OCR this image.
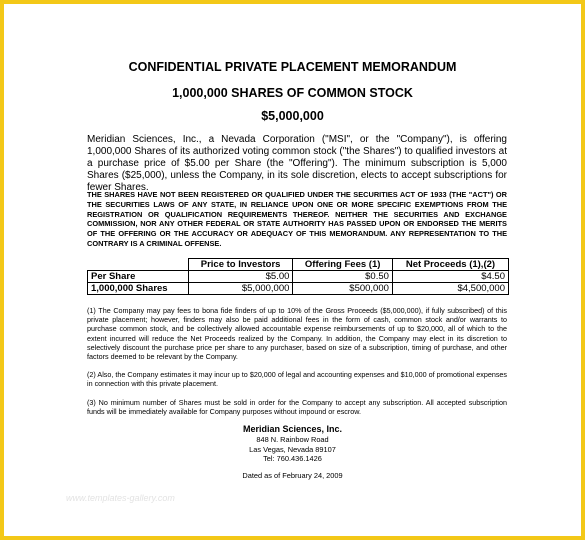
CONFIDENTIAL PRIVATE PLACEMENT MEMORANDUM
1,000,000 SHARES OF COMMON STOCK
$5,000,000
Meridian Sciences, Inc., a Nevada Corporation ("MSI", or the "Company"), is offering 1,000,000 Shares of its authorized voting common stock ("the Shares") to qualified investors at a purchase price of $5.00 per Share (the "Offering"). The minimum subscription is 5,000 Shares ($25,000), unless the Company, in its sole discretion, elects to accept subscriptions for fewer Shares.
THE SHARES HAVE NOT BEEN REGISTERED OR QUALIFIED UNDER THE SECURITIES ACT OF 1933 (THE "ACT") OR THE SECURITIES LAWS OF ANY STATE, IN RELIANCE UPON ONE OR MORE SPECIFIC EXEMPTIONS FROM THE REGISTRATION OR QUALIFICATION REQUIREMENTS THEREOF. NEITHER THE SECURITIES AND EXCHANGE COMMISSION, NOR ANY OTHER FEDERAL OR STATE AUTHORITY HAS PASSED UPON OR ENDORSED THE MERITS OF THE OFFERING OR THE ACCURACY OR ADEQUACY OF THIS MEMORANDUM. ANY REPRESENTATION TO THE CONTRARY IS A CRIMINAL OFFENSE.
	Price to Investors	Offering Fees (1)	Net Proceeds (1),(2)
Per Share	$5.00	$0.50	$4.50
1,000,000 Shares	$5,000,000	$500,000	$4,500,000
(1) The Company may pay fees to bona fide finders of up to 10% of the Gross Proceeds ($5,000,000), if fully subscribed) of this private placement; however, finders may also be paid additional fees in the form of cash, common stock and/or warrants to purchase common stock, and be collectively allowed accountable expense reimbursements of up to $20,000, all of which to the extent incurred will reduce the Net Proceeds realized by the Company. In addition, the Company may elect in its discretion to selectively discount the purchase price per share to any purchaser, based on size of a subscription, timing of purchase, and other factors deemed to be relevant by the Company.
(2) Also, the Company estimates it may incur up to $20,000 of legal and accounting expenses and $10,000 of promotional expenses in connection with this private placement.
(3) No minimum number of Shares must be sold in order for the Company to accept any subscription. All accepted subscription funds will be immediately available for Company purposes without impound or escrow.
Meridian Sciences, Inc.
848 N. Rainbow Road
Las Vegas, Nevada 89107
Tel: 760.436.1426
Dated as of February 24, 2009
www.templates-gallery.com
